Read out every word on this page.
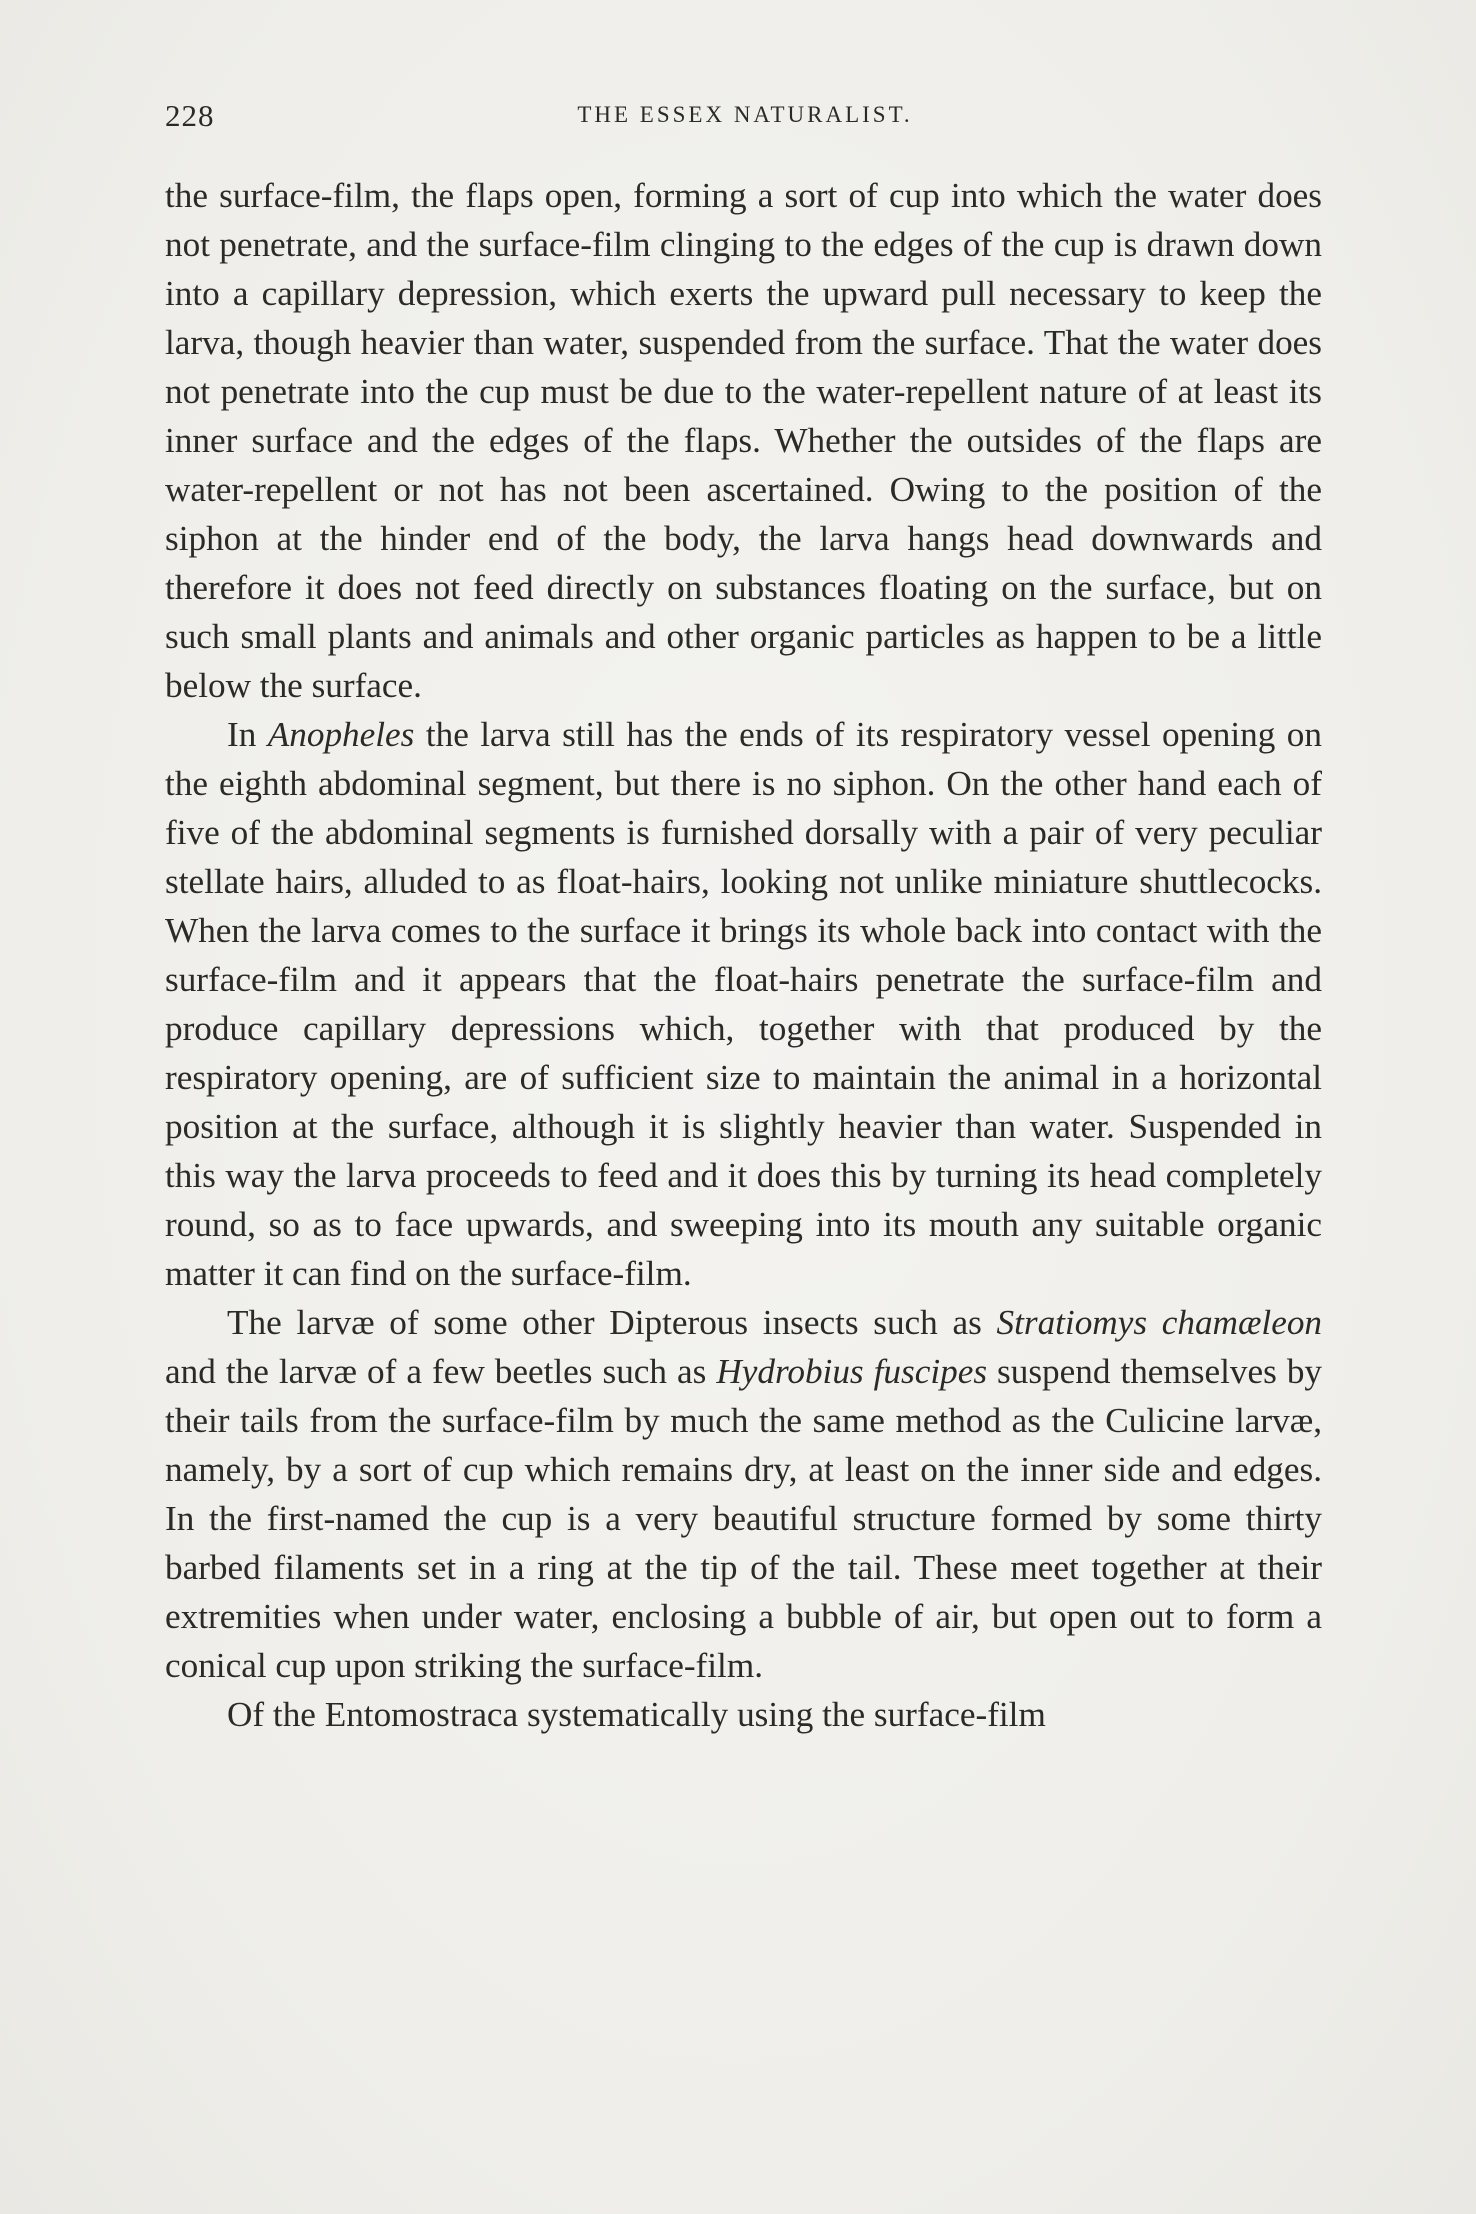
228	THE ESSEX NATURALIST.

the surface-film, the flaps open, forming a sort of cup into which the water does not penetrate, and the surface-film clinging to the edges of the cup is drawn down into a capillary depression, which exerts the upward pull necessary to keep the larva, though heavier than water, suspended from the surface. That the water does not penetrate into the cup must be due to the water-repellent nature of at least its inner surface and the edges of the flaps. Whether the outsides of the flaps are water-repellent or not has not been ascertained. Owing to the position of the siphon at the hinder end of the body, the larva hangs head downwards and therefore it does not feed directly on substances floating on the surface, but on such small plants and animals and other organic particles as happen to be a little below the surface.

In Anopheles the larva still has the ends of its respiratory vessel opening on the eighth abdominal segment, but there is no siphon. On the other hand each of five of the abdominal segments is furnished dorsally with a pair of very peculiar stellate hairs, alluded to as float-hairs, looking not unlike miniature shuttlecocks. When the larva comes to the surface it brings its whole back into contact with the surface-film and it appears that the float-hairs penetrate the surface-film and produce capillary depressions which, together with that produced by the respiratory opening, are of sufficient size to maintain the animal in a horizontal position at the surface, although it is slightly heavier than water. Suspended in this way the larva proceeds to feed and it does this by turning its head completely round, so as to face upwards, and sweeping into its mouth any suitable organic matter it can find on the surface-film.

The larvæ of some other Dipterous insects such as Stratiomys chamæleon and the larvæ of a few beetles such as Hydrobius fuscipes suspend themselves by their tails from the surface-film by much the same method as the Culicine larvæ, namely, by a sort of cup which remains dry, at least on the inner side and edges. In the first-named the cup is a very beautiful structure formed by some thirty barbed filaments set in a ring at the tip of the tail. These meet together at their extremities when under water, enclosing a bubble of air, but open out to form a conical cup upon striking the surface-film.

Of the Entomostraca systematically using the surface-film
